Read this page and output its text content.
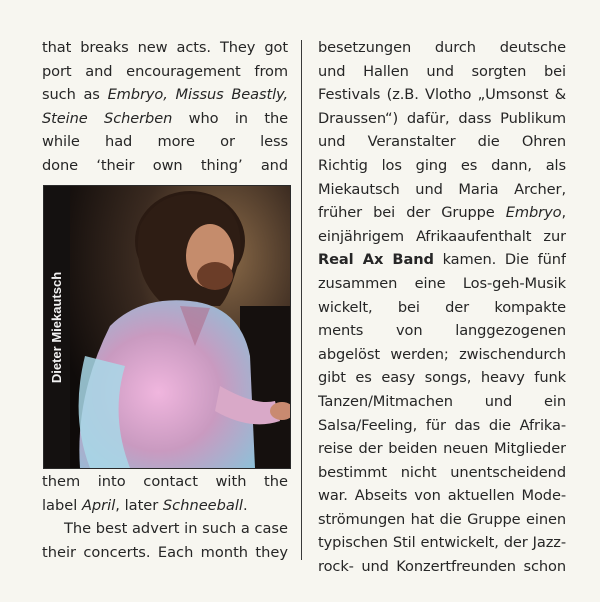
that breaks new acts. They got
port and encouragement from
such as Embryo, Missus Beastly,
Steine Scherben who in the
while had more or less
done ‘their own thing’ and
Dieter Miekautsch
them into contact with the
label April, later Schneeball.
The best advert in such a case
their concerts. Each month they
besetzungen durch deutsche
und Hallen und sorgten bei
Festivals (z.B. Vlotho „Umsonst &
Draussen“) dafür, dass Publikum
und Veranstalter die Ohren
Richtig los ging es dann, als
Miekautsch und Maria Archer,
früher bei der Gruppe Embryo,
einjährigem Afrikaaufenthalt zur
Real Ax Band kamen. Die fünf
zusammen eine Los-geh-Musik
wickelt, bei der kompakte
ments von langgezogenen
abgelöst werden; zwischendurch
gibt es easy songs, heavy funk
Tanzen/Mitmachen und ein
Salsa/Feeling, für das die Afrika-
reise der beiden neuen Mitglieder
bestimmt nicht unentscheidend
war. Abseits von aktuellen Mode-
strömungen hat die Gruppe einen
typischen Stil entwickelt, der Jazz-
rock- und Konzertfreunden schon
